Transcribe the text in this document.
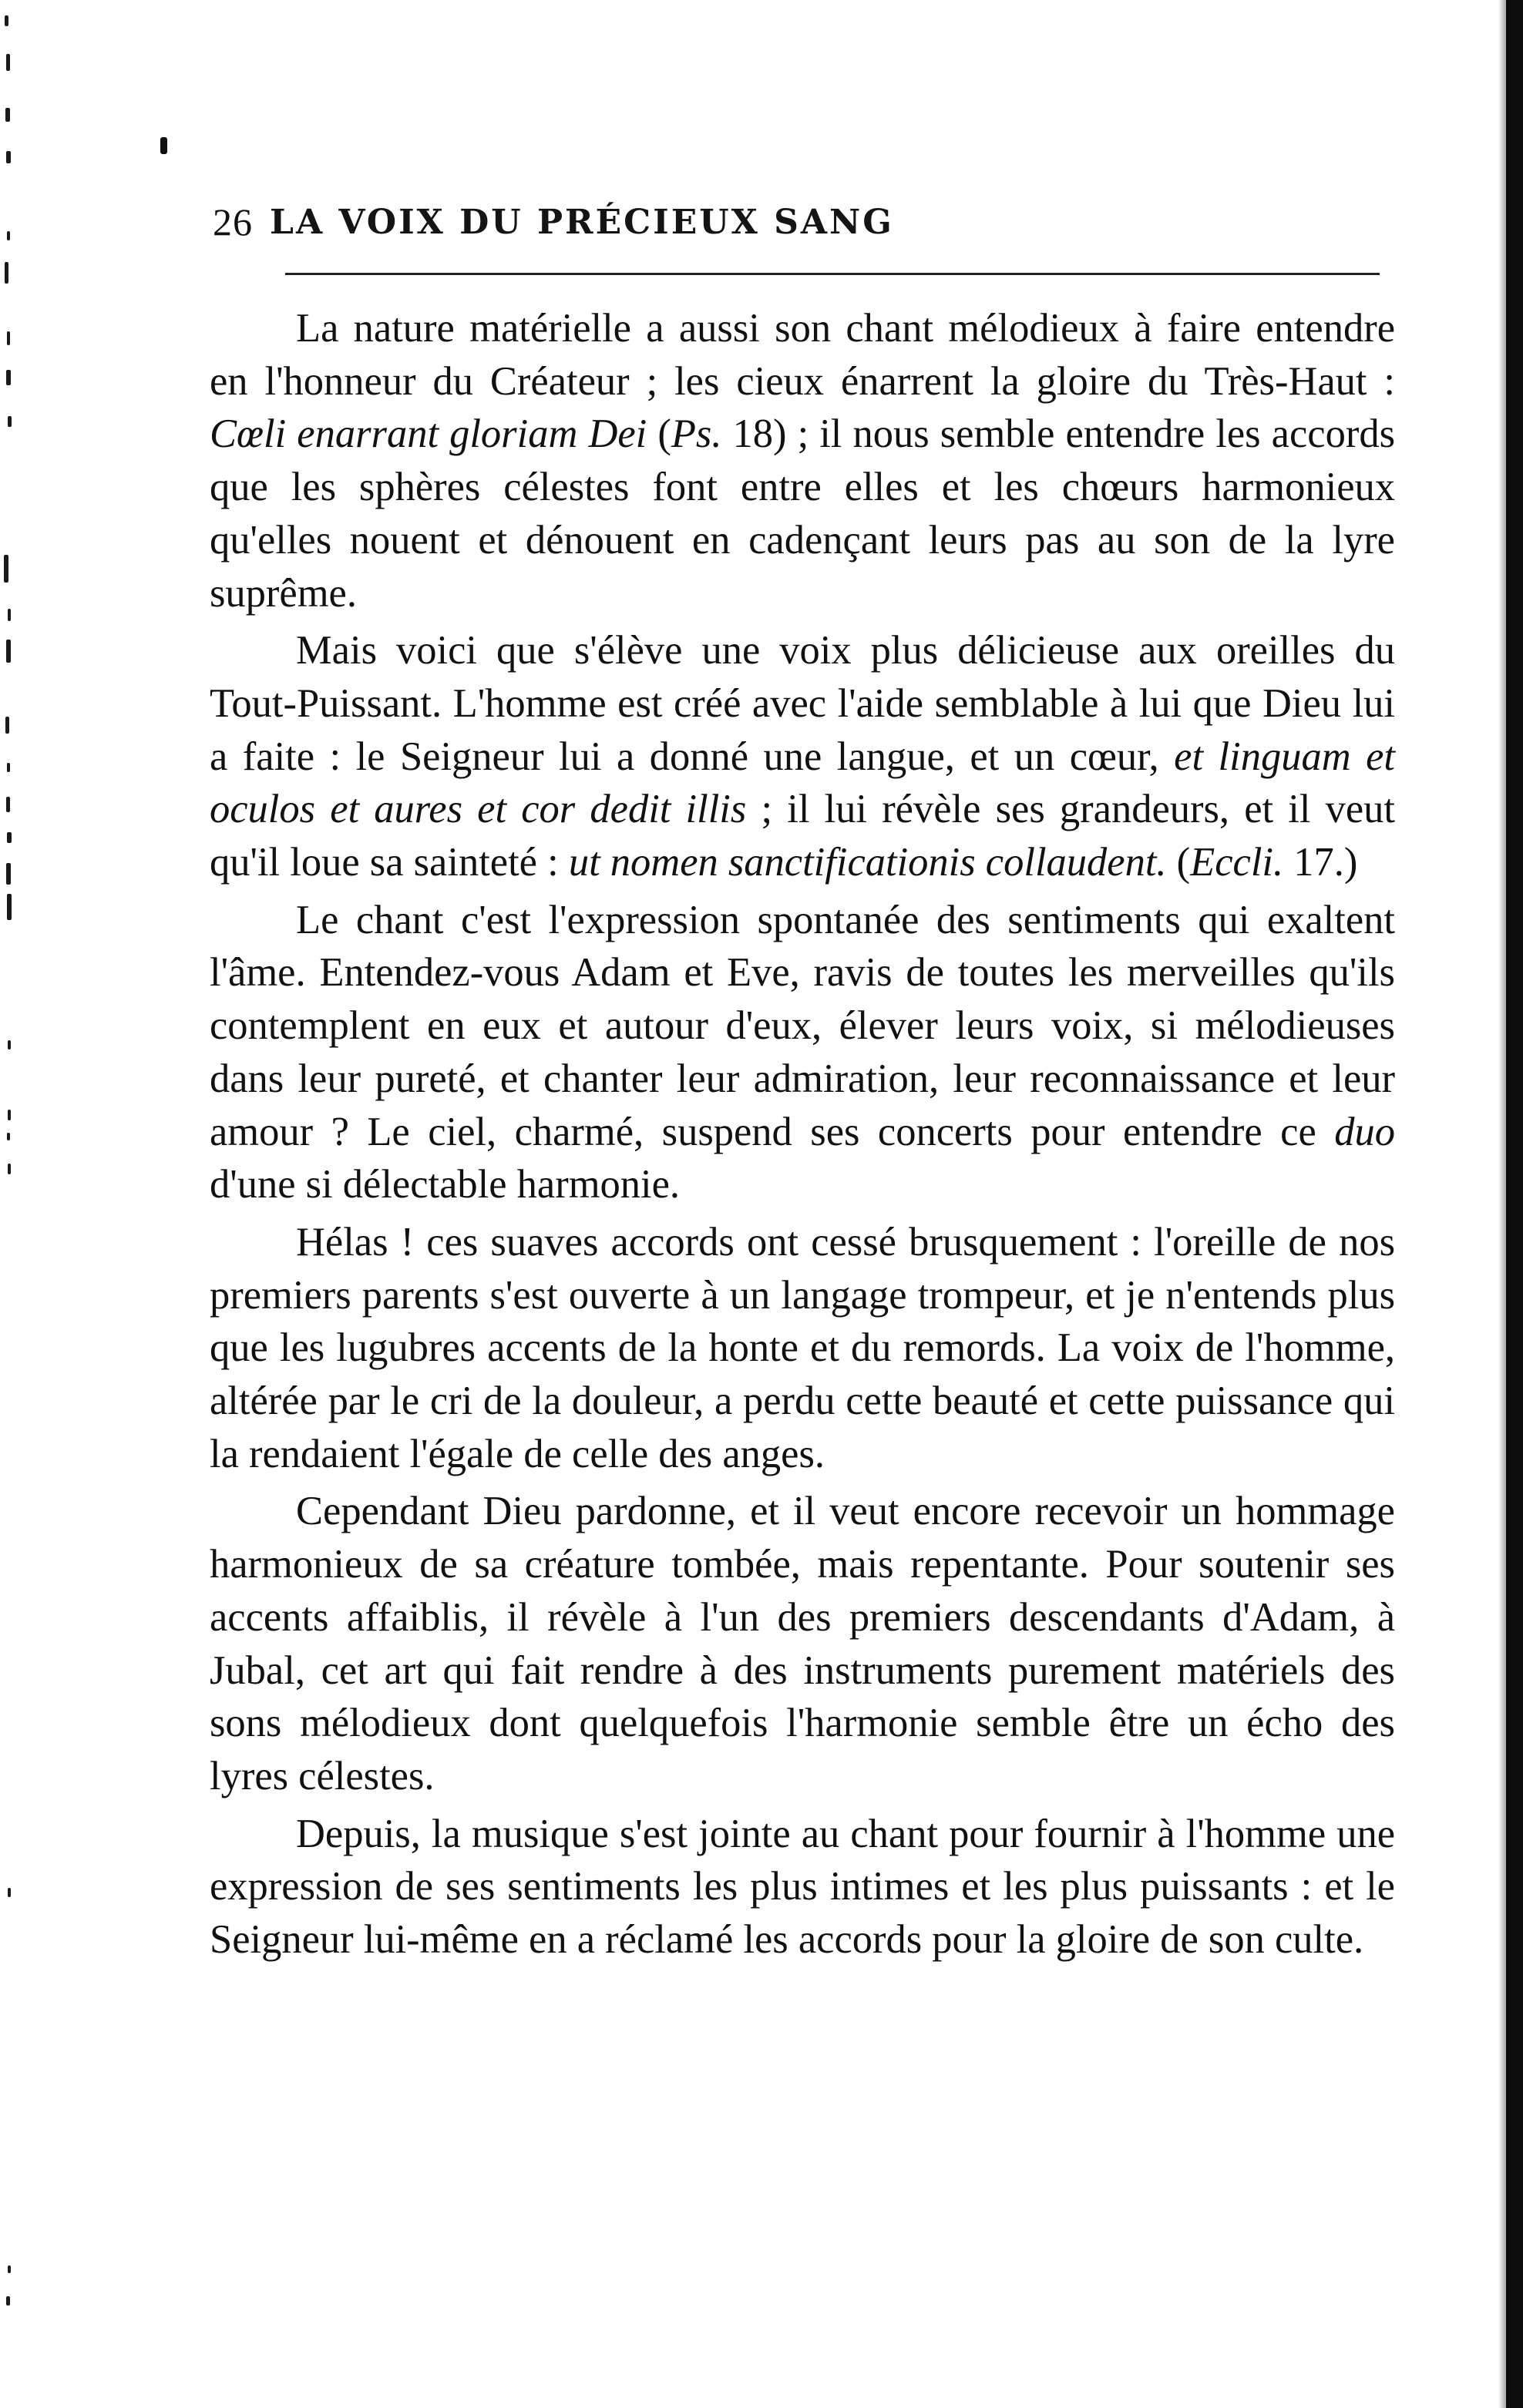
26 LA VOIX DU PRÉCIEUX SANG

La nature matérielle a aussi son chant mélodieux à faire entendre en l'honneur du Créateur ; les cieux énarrent la gloire du Très-Haut : Cœli enarrant gloriam Dei (Ps. 18) ; il nous semble entendre les accords que les sphères célestes font entre elles et les chœurs harmonieux qu'elles nouent et dénouent en cadençant leurs pas au son de la lyre suprême.

Mais voici que s'élève une voix plus délicieuse aux oreilles du Tout-Puissant. L'homme est créé avec l'aide semblable à lui que Dieu lui a faite : le Seigneur lui a donné une langue, et un cœur, et linguam et oculos et aures et cor dedit illis ; il lui révèle ses grandeurs, et il veut qu'il loue sa sainteté : ut nomen sanctificationis collaudent. (Eccli. 17.)

Le chant c'est l'expression spontanée des sentiments qui exaltent l'âme. Entendez-vous Adam et Eve, ravis de toutes les merveilles qu'ils contemplent en eux et autour d'eux, élever leurs voix, si mélodieuses dans leur pureté, et chanter leur admiration, leur reconnaissance et leur amour ? Le ciel, charmé, suspend ses concerts pour entendre ce duo d'une si délectable harmonie.

Hélas ! ces suaves accords ont cessé brusquement : l'oreille de nos premiers parents s'est ouverte à un langage trompeur, et je n'entends plus que les lugubres accents de la honte et du remords. La voix de l'homme, altérée par le cri de la douleur, a perdu cette beauté et cette puissance qui la rendaient l'égale de celle des anges.

Cependant Dieu pardonne, et il veut encore recevoir un hommage harmonieux de sa créature tombée, mais repentante. Pour soutenir ses accents affaiblis, il révèle à l'un des premiers descendants d'Adam, à Jubal, cet art qui fait rendre à des instruments purement matériels des sons mélodieux dont quelquefois l'harmonie semble être un écho des lyres célestes.

Depuis, la musique s'est jointe au chant pour fournir à l'homme une expression de ses sentiments les plus intimes et les plus puissants : et le Seigneur lui-même en a réclamé les accords pour la gloire de son culte.
